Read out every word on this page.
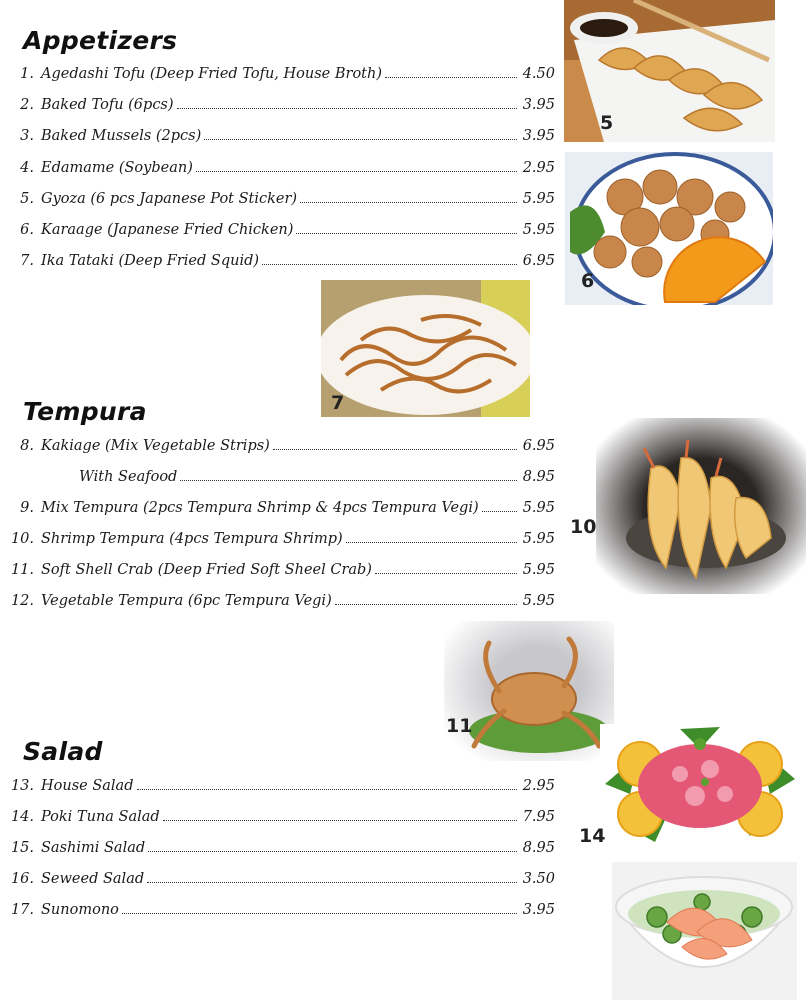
Appetizers
Tempura
Salad
1. Agedashi Tofu (Deep Fried Tofu, House Broth)	4.50
2. Baked Tofu (6pcs)	3.95
3. Baked Mussels (2pcs)	3.95
4. Edamame (Soybean)	2.95
5. Gyoza (6 pcs Japanese Pot Sticker)	5.95
6. Karaage (Japanese Fried Chicken)	5.95
7. Ika Tataki (Deep Fried Squid)	6.95
8. Kakiage (Mix Vegetable Strips)	6.95
With Seafood	8.95
9. Mix Tempura (2pcs Tempura Shrimp & 4pcs Tempura Vegi)	5.95
10. Shrimp Tempura (4pcs Tempura Shrimp)	5.95
11. Soft Shell Crab (Deep Fried Soft Sheel Crab)	5.95
12. Vegetable Tempura (6pc Tempura Vegi)	5.95
13. House Salad	2.95
14. Poki Tuna Salad	7.95
15. Sashimi Salad	8.95
16. Seweed Salad	3.50
17. Sunomono	3.95
5
6
7
10
11
14
